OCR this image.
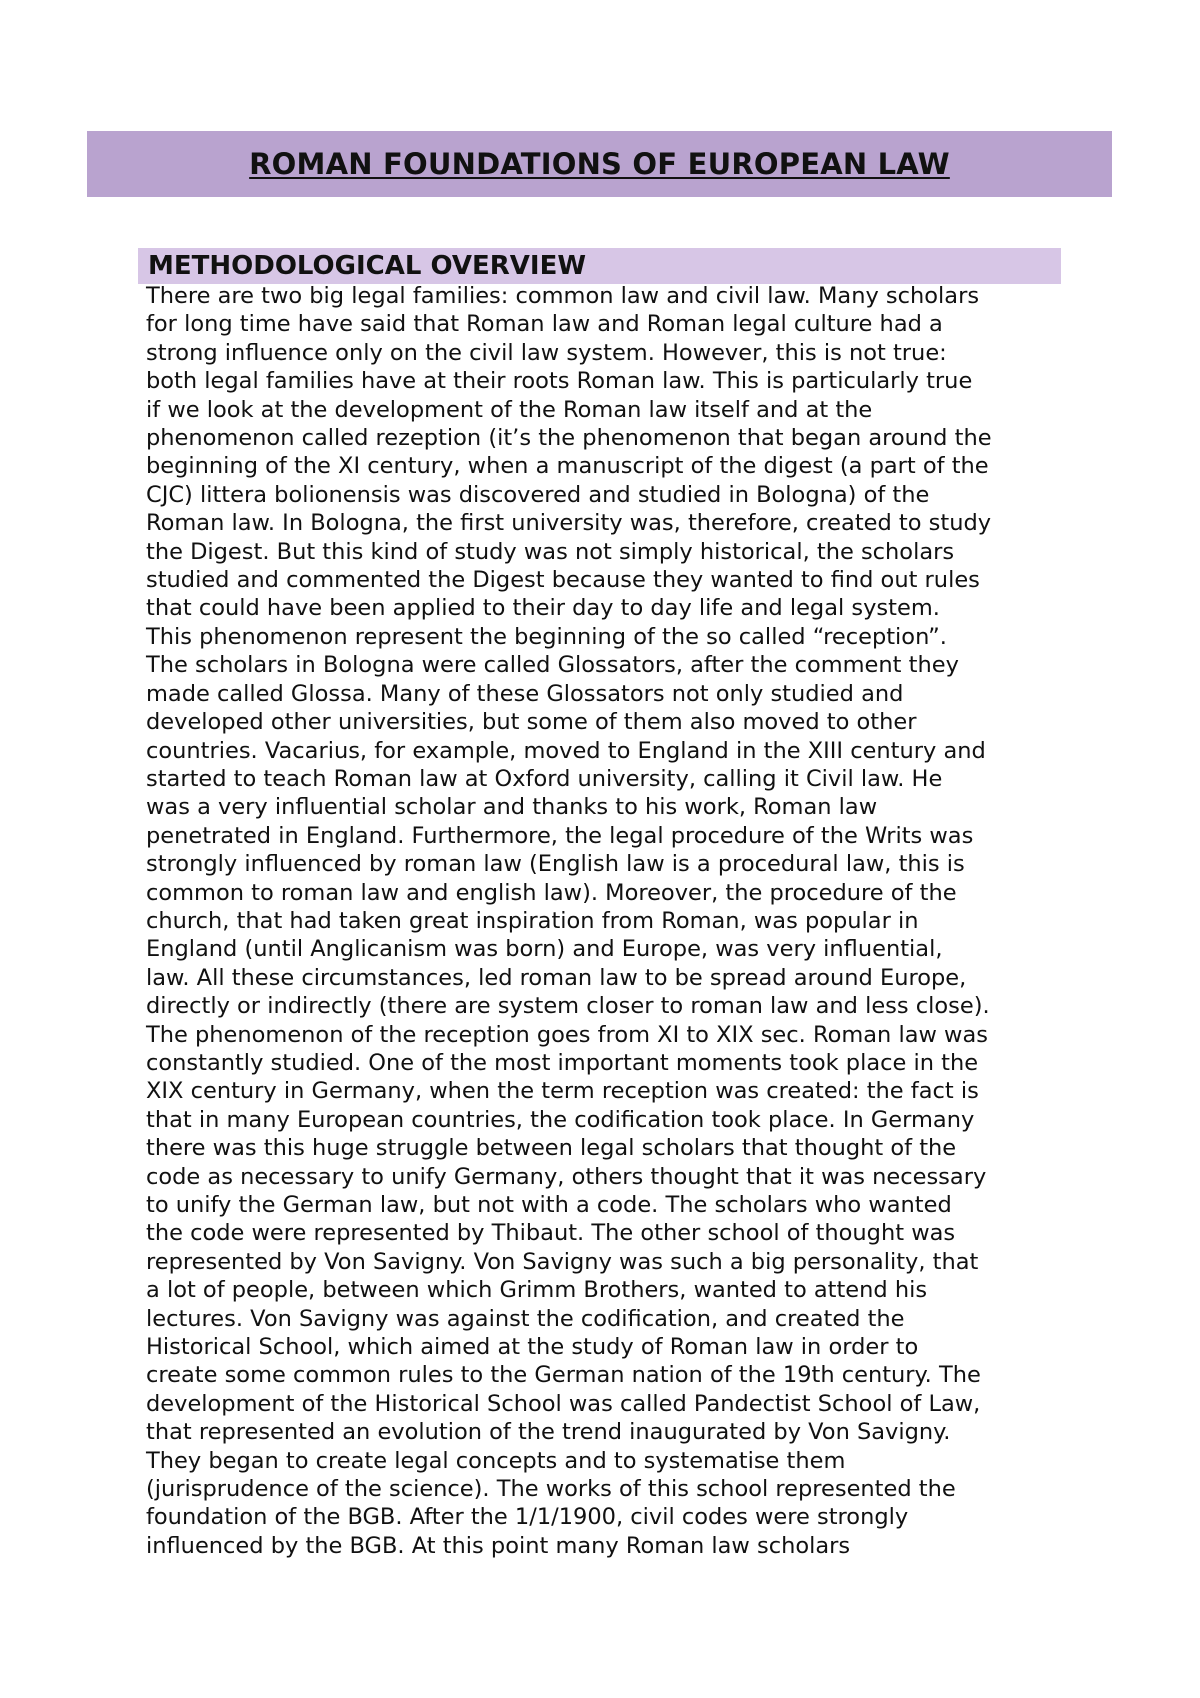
ROMAN FOUNDATIONS OF EUROPEAN LAW
METHODOLOGICAL OVERVIEW
There are two big legal families: common law and civil law. Many scholars
for long time have said that Roman law and Roman legal culture had a
strong influence only on the civil law system. However, this is not true:
both legal families have at their roots Roman law. This is particularly true
if we look at the development of the Roman law itself and at the
phenomenon called rezeption (it’s the phenomenon that began around the
beginning of the XI century, when a manuscript of the digest (a part of the
CJC) littera bolionensis was discovered and studied in Bologna) of the
Roman law. In Bologna, the first university was, therefore, created to study
the Digest. But this kind of study was not simply historical, the scholars
studied and commented the Digest because they wanted to find out rules
that could have been applied to their day to day life and legal system.
This phenomenon represent the beginning of the so called “reception”.
The scholars in Bologna were called Glossators, after the comment they
made called Glossa. Many of these Glossators not only studied and
developed other universities, but some of them also moved to other
countries. Vacarius, for example, moved to England in the XIII century and
started to teach Roman law at Oxford university, calling it Civil law. He
was a very influential scholar and thanks to his work, Roman law
penetrated in England. Furthermore, the legal procedure of the Writs was
strongly influenced by roman law (English law is a procedural law, this is
common to roman law and english law). Moreover, the procedure of the
church, that had taken great inspiration from Roman, was popular in
England (until Anglicanism was born) and Europe, was very influential,
law. All these circumstances, led roman law to be spread around Europe,
directly or indirectly (there are system closer to roman law and less close).
The phenomenon of the reception goes from XI to XIX sec. Roman law was
constantly studied. One of the most important moments took place in the
XIX century in Germany, when the term reception was created: the fact is
that in many European countries, the codification took place. In Germany
there was this huge struggle between legal scholars that thought of the
code as necessary to unify Germany, others thought that it was necessary
to unify the German law, but not with a code. The scholars who wanted
the code were represented by Thibaut. The other school of thought was
represented by Von Savigny. Von Savigny was such a big personality, that
a lot of people, between which Grimm Brothers, wanted to attend his
lectures. Von Savigny was against the codification, and created the
Historical School, which aimed at the study of Roman law in order to
create some common rules to the German nation of the 19th century. The
development of the Historical School was called Pandectist School of Law,
that represented an evolution of the trend inaugurated by Von Savigny.
They began to create legal concepts and to systematise them
(jurisprudence of the science). The works of this school represented the
foundation of the BGB. After the 1/1/1900, civil codes were strongly
influenced by the BGB. At this point many Roman law scholars
